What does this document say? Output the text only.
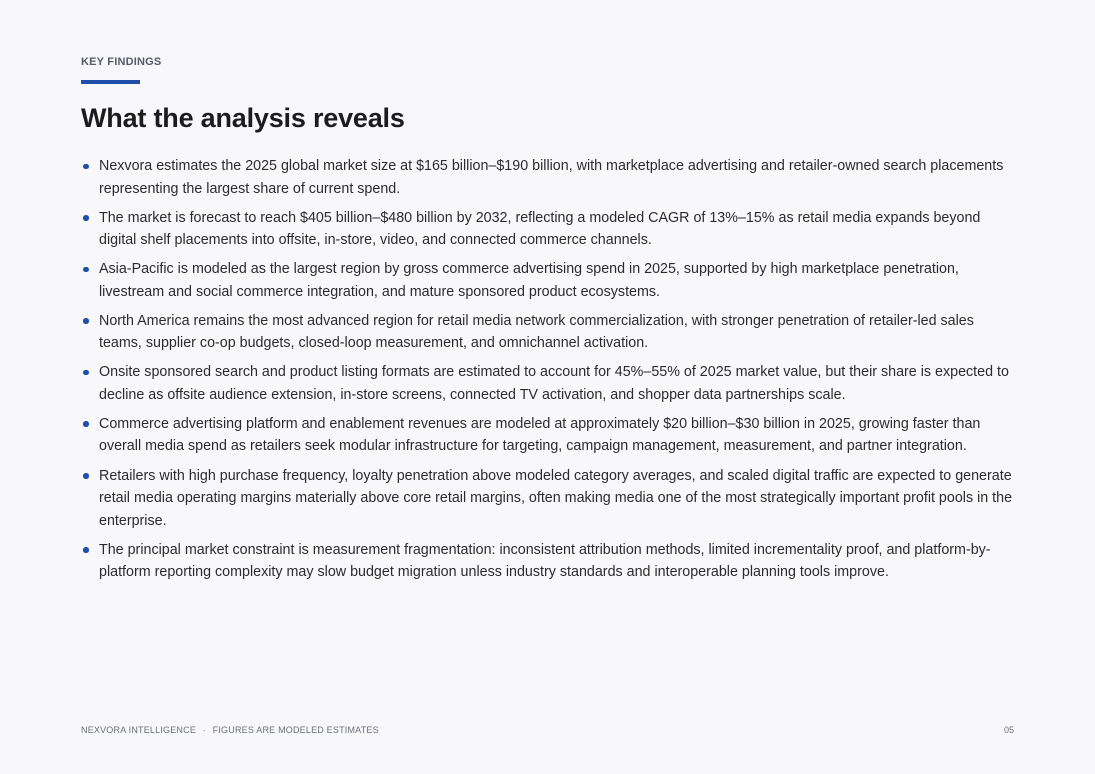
KEY FINDINGS
What the analysis reveals
Nexvora estimates the 2025 global market size at $165 billion–$190 billion, with marketplace advertising and retailer-owned search placements representing the largest share of current spend.
The market is forecast to reach $405 billion–$480 billion by 2032, reflecting a modeled CAGR of 13%–15% as retail media expands beyond digital shelf placements into offsite, in-store, video, and connected commerce channels.
Asia-Pacific is modeled as the largest region by gross commerce advertising spend in 2025, supported by high marketplace penetration, livestream and social commerce integration, and mature sponsored product ecosystems.
North America remains the most advanced region for retail media network commercialization, with stronger penetration of retailer-led sales teams, supplier co-op budgets, closed-loop measurement, and omnichannel activation.
Onsite sponsored search and product listing formats are estimated to account for 45%–55% of 2025 market value, but their share is expected to decline as offsite audience extension, in-store screens, connected TV activation, and shopper data partnerships scale.
Commerce advertising platform and enablement revenues are modeled at approximately $20 billion–$30 billion in 2025, growing faster than overall media spend as retailers seek modular infrastructure for targeting, campaign management, measurement, and partner integration.
Retailers with high purchase frequency, loyalty penetration above modeled category averages, and scaled digital traffic are expected to generate retail media operating margins materially above core retail margins, often making media one of the most strategically important profit pools in the enterprise.
The principal market constraint is measurement fragmentation: inconsistent attribution methods, limited incrementality proof, and platform-by-platform reporting complexity may slow budget migration unless industry standards and interoperable planning tools improve.
NEXVORA INTELLIGENCE · FIGURES ARE MODELED ESTIMATES	05
